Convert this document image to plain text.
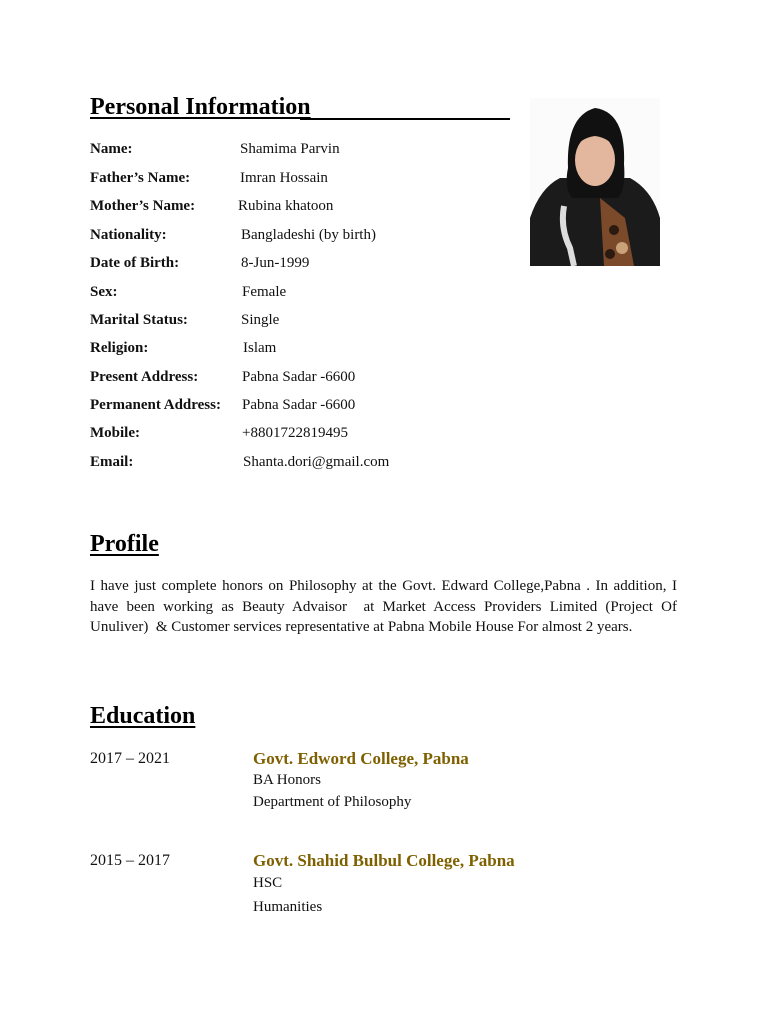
Personal Information
Name:	Shamima Parvin
Father’s Name:	Imran Hossain
Mother’s Name:	Rubina khatoon
Nationality:	Bangladeshi (by birth)
Date of Birth:	8-Jun-1999
Sex:	Female
Marital Status:	Single
Religion:	Islam
Present Address:	Pabna Sadar -6600
Permanent Address: Pabna Sadar -6600
Mobile:	+8801722819495
Email:	Shanta.dori@gmail.com
Profile

I have just complete honors on Philosophy at the Govt. Edward College,Pabna . In addition, I have been working as Beauty Advaisor  at Market Access Providers Limited (Project Of Unuliver)  & Customer services representative at Pabna Mobile House For almost 2 years.

Education
2017 – 2021	Govt. Edword College, Pabna
BA Honors
Department of Philosophy
2015 – 2017	Govt. Shahid Bulbul College, Pabna
HSC
Humanities
